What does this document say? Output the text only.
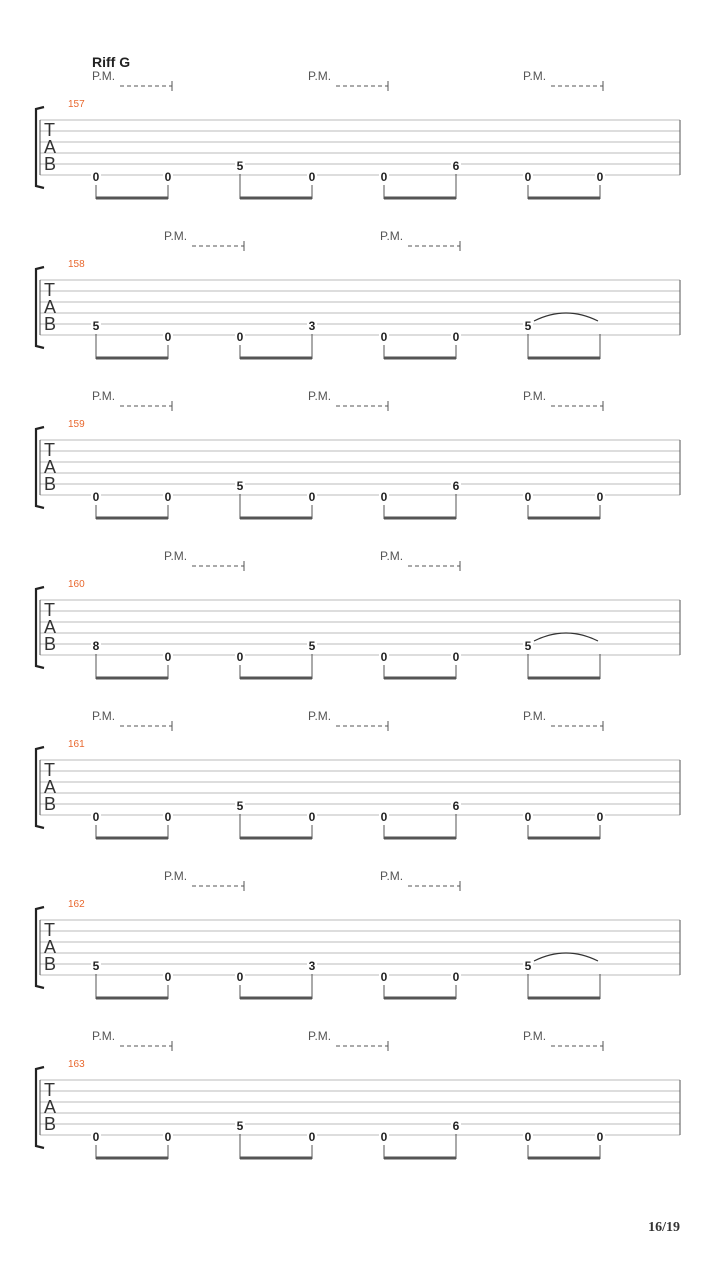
Riff G
T
A
B
157
P.M.	P.M.	P.M.
0	0
5
0	0
6
0	0
T
A
B
158
P.M.	P.M.
5
0	0
3
0	0
5
T
A
B
159
P.M.	P.M.	P.M.
0	0
5
0	0
6
0	0
T
A
B
160
P.M.	P.M.
8
0	0
5
0	0
5
T
A
B
161
P.M.	P.M.	P.M.
0	0
5
0	0
6
0	0
T
A
B
162
P.M.	P.M.
5
0	0
3
0	0
5
T
A
B
163
P.M.	P.M.	P.M.
0	0
5
0	0
6
0	0
16/19
